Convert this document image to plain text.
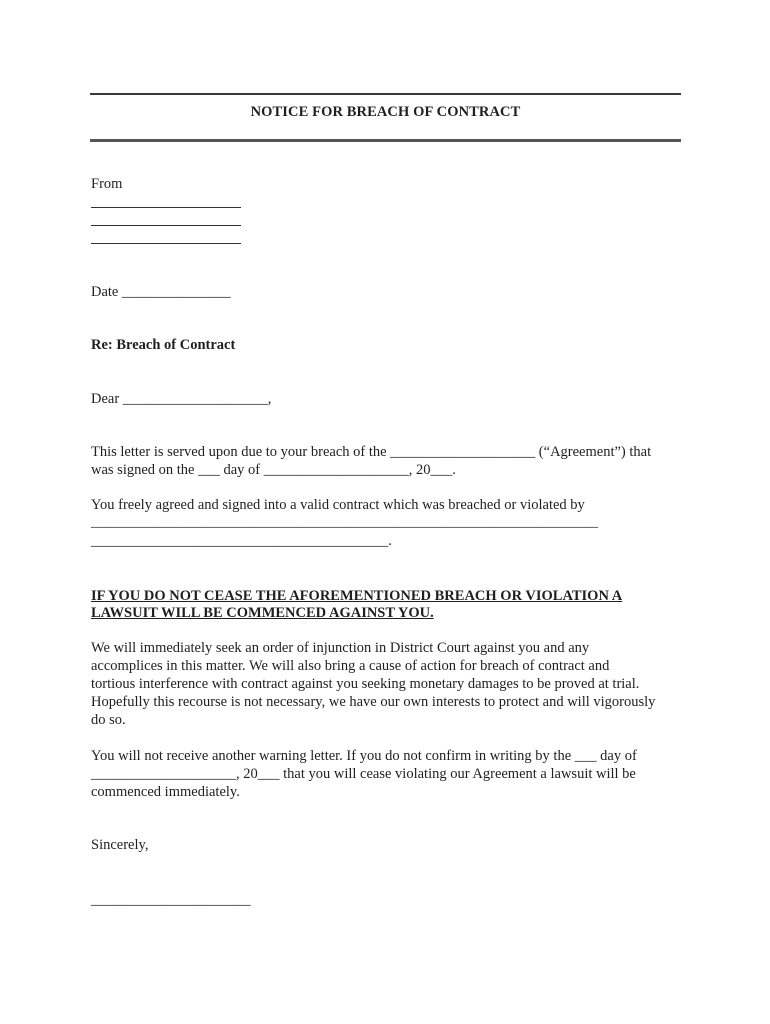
NOTICE FOR BREACH OF CONTRACT
From
Date _______________
Re: Breach of Contract
Dear ____________________,
This letter is served upon due to your breach of the ____________________ (“Agreement”) that
was signed on the ___ day of ____________________, 20___.
You freely agreed and signed into a valid contract which was breached or violated by
__________________________________________________________________________
_________________________________________.
IF YOU DO NOT CEASE THE AFOREMENTIONED BREACH OR VIOLATION A
LAWSUIT WILL BE COMMENCED AGAINST YOU.
We will immediately seek an order of injunction in District Court against you and any
accomplices in this matter. We will also bring a cause of action for breach of contract and
tortious interference with contract against you seeking monetary damages to be proved at trial.
Hopefully this recourse is not necessary, we have our own interests to protect and will vigorously
do so.
You will not receive another warning letter. If you do not confirm in writing by the ___ day of
____________________, 20___ that you will cease violating our Agreement a lawsuit will be
commenced immediately.
Sincerely,
______________________
